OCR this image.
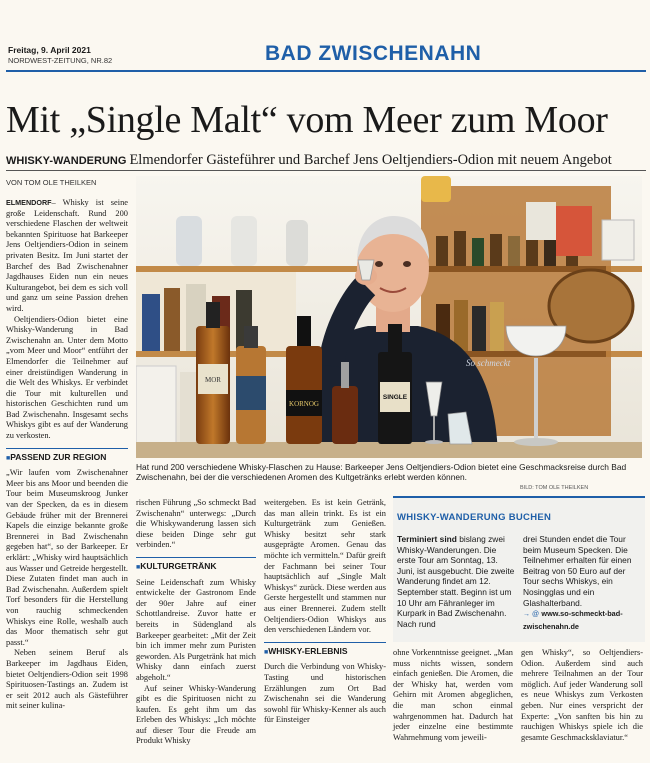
Freitag, 9. April 2021
NORDWEST-ZEITUNG, NR.82	BAD ZWISCHENAHN
Mit „Single Malt“ vom Meer zum Moor
WHISKY-WANDERUNG Elmendorfer Gästeführer und Barchef Jens Oeltjendiers-Odion mit neuem Angebot
VON TOM OLE THEILKEN

ELMENDORF– Whisky ist seine große Leidenschaft. Rund 200 verschiedene Flaschen der weltweit bekannten Spirituose hat Barkeeper Jens Oeltjendiers-Odion in seinem privaten Besitz. Im Juni startet der Barchef des Bad Zwischenahner Jagdhauses Eiden nun ein neues Kulturangebot, bei dem es sich voll und ganz um seine Passion drehen wird.

Oeltjendiers-Odion bietet eine Whisky-Wanderung in Bad Zwischenahn an. Unter dem Motto „vom Meer und Moor“ entführt der Elmendorfer die Teilnehmer auf einer dreistündigen Wanderung in die Welt des Whiskys. Er verbindet die Tour mit kulturellen und historischen Geschichten rund um Bad Zwischenahn. Insgesamt sechs Whiskys gibt es auf der Wanderung zu verkosten.

■ PASSEND ZUR REGION

„Wir laufen vom Zwischenahner Meer bis ans Moor und beenden die Tour beim Museumskroog Junker van der Specken, da es in diesem Gebäude früher mit der Brennerei Kapels die einzige bekannte große Brennerei in Bad Zwischenahn gegeben hat“, so der Barkeeper. Er erklärt: „Whisky wird hauptsächlich aus Wasser und Getreide hergestellt. Diese Zutaten findet man auch in Bad Zwischenahn. Außerdem spielt Torf besonders für die Herstellung von rauchig schmeckenden Whiskys eine Rolle, weshalb auch das Moor thematisch sehr gut passt.“

Neben seinem Beruf als Barkeeper im Jagdhaus Eiden, bietet Oeltjendiers-Odion seit 1998 Spirituosen-Tastings an. Zudem ist er seit 2012 auch als Gästeführer mit seiner kulina-

So schmeckt
MOR
KORNOG
SINGLE
Hat rund 200 verschiedene Whisky-Flaschen zu Hause: Barkeeper Jens Oeltjendiers-Odion bietet eine Geschmacksreise durch Bad Zwischenahn, bei der die verschiedenen Aromen des Kultgetränks erlebt werden können.
BILD: TOM OLE THEILKEN

rischen Führung „So schmeckt Bad Zwischenahn“ unterwegs: „Durch die Whiskywanderung lassen sich diese beiden Dinge sehr gut verbinden.“

■ KULTURGETRÄNK

Seine Leidenschaft zum Whisky entwickelte der Gastronom Ende der 90er Jahre auf einer Schottlandreise. Zuvor hatte er bereits in Südengland als Barkeeper gearbeitet: „Mit der Zeit bin ich immer mehr zum Puristen geworden. Als Purgetränk hat mich Whisky dann einfach zuerst abgeholt.“

Auf seiner Whisky-Wanderung gibt es die Spirituosen nicht zu kaufen. Es geht ihm um das Erleben des Whiskys: „Ich möchte auf dieser Tour die Freude am Produkt Whisky

weitergeben. Es ist kein Getränk, das man allein trinkt. Es ist ein Kulturgetränk zum Genießen. Whisky besitzt sehr stark ausgeprägte Aromen. Genau das möchte ich vermitteln.“ Dafür greift der Fachmann bei seiner Tour hauptsächlich auf „Single Malt Whiskys“ zurück. Diese werden aus Gerste hergestellt und stammen nur aus einer Brennerei. Zudem stellt Oeltjendiers-Odion Whiskys aus den verschiedenen Ländern vor.

■ WHISKY-ERLEBNIS

Durch die Verbindung von Whisky-Tasting und historischen Erzählungen zum Ort Bad Zwischenahn sei die Wanderung sowohl für Whisky-Kenner als auch für Einsteiger

WHISKY-WANDERUNG BUCHEN
Terminiert sind bislang zwei Whisky-Wanderungen. Die erste Tour am Sonntag, 13. Juni, ist ausgebucht. Die zweite Wanderung findet am 12. September statt. Beginn ist um 10 Uhr am Fähranleger im Kurpark in Bad Zwischenahn. Nach rund
drei Stunden endet die Tour beim Museum Specken. Die Teilnehmer erhalten für einen Beitrag von 50 Euro auf der Tour sechs Whiskys, ein Nosingglas und ein Glashalterband.
→ @ www.so-schmeckt-bad-zwischenahn.de

ohne Vorkenntnisse geeignet. „Man muss nichts wissen, sondern einfach genießen. Die Aromen, die der Whisky hat, werden vom Gehirn mit Aromen abgeglichen, die man schon einmal wahrgenommen hat. Dadurch hat jeder einzelne eine bestimmte Wahrnehmung vom jeweili-

gen Whisky“, so Oeltjendiers-Odion. Außerdem sind auch mehrere Teilnahmen an der Tour möglich. Auf jeder Wanderung soll es neue Whiskys zum Verkosten geben. Nur eines verspricht der Experte: „Von sanften bis hin zu rauchigen Whiskys spiele ich die gesamte Geschmacksklaviatur.“
